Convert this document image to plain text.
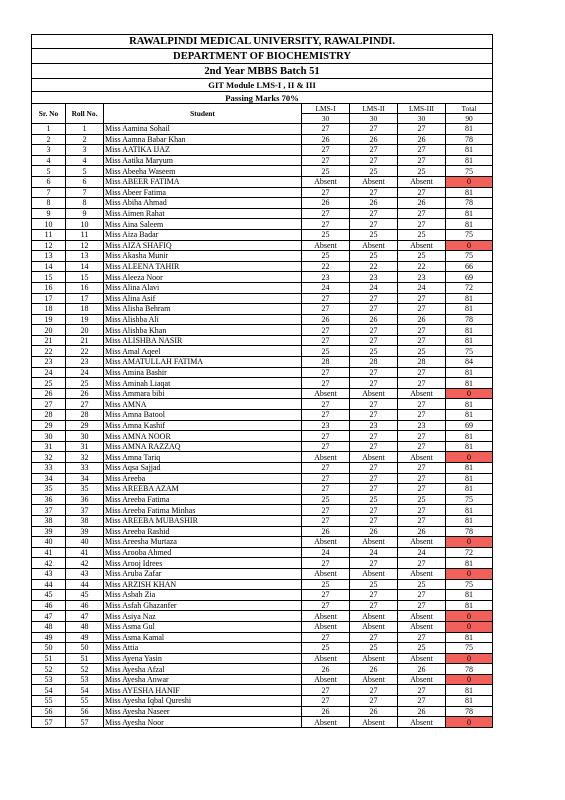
RAWALPINDI MEDICAL UNIVERSITY, RAWALPINDI.						
DEPARTMENT OF BIOCHEMISTRY						
2nd Year MBBS Batch 51						
GIT Module LMS-I , II & III						
Passing Marks 70%						
Sr. No	Roll No.	Student	LMS-I	LMS-II	LMS-III	Total
			30	30	30	90
1	1	Miss Aamina Sohail	27	27	27	81
2	2	Miss Aamna Babar Khan	26	26	26	78
3	3	Miss AATIKA IJAZ	27	27	27	81
4	4	Miss Aatika Maryum	27	27	27	81
5	5	Miss Abeeha Waseem	25	25	25	75
6	6	Miss ABEER FATIMA	Absent	Absent	Absent	0
7	7	Miss Abeer Fatima	27	27	27	81
8	8	Miss Abiha Ahmad	26	26	26	78
9	9	Miss Aimen Rahat	27	27	27	81
10	10	Miss Aina Saleem	27	27	27	81
11	11	Miss Aiza Badar	25	25	25	75
12	12	Miss AIZA SHAFIQ	Absent	Absent	Absent	0
13	13	Miss Akasha Munir	25	25	25	75
14	14	Miss ALEENA TAHIR	22	22	22	66
15	15	Miss Aleeza Noor	23	23	23	69
16	16	Miss Alina Alavi	24	24	24	72
17	17	Miss Alina Asif	27	27	27	81
18	18	Miss Alisha Behram	27	27	27	81
19	19	Miss Alishba Ali	26	26	26	78
20	20	Miss Alishba Khan	27	27	27	81
21	21	Miss ALISHBA NASIR	27	27	27	81
22	22	Miss Amal Aqeel	25	25	25	75
23	23	Miss AMATULLAH FATIMA	28	28	28	84
24	24	Miss Amina Bashir	27	27	27	81
25	25	Miss Aminah Liaqat	27	27	27	81
26	26	Miss Ammara bibi	Absent	Absent	Absent	0
27	27	Miss AMNA	27	27	27	81
28	28	Miss Amna Batool	27	27	27	81
29	29	Miss Amna Kashif	23	23	23	69
30	30	Miss AMNA NOOR	27	27	27	81
31	31	Miss AMNA RAZZAQ	27	27	27	81
32	32	Miss Amna Tariq	Absent	Absent	Absent	0
33	33	Miss Aqsa Sajjad	27	27	27	81
34	34	Miss Areeba	27	27	27	81
35	35	Miss AREEBA AZAM	27	27	27	81
36	36	Miss Areeba Fatima	25	25	25	75
37	37	Miss Areeba Fatima Minhas	27	27	27	81
38	38	Miss AREEBA MUBASHIR	27	27	27	81
39	39	Miss Areeba Rashid	26	26	26	78
40	40	Miss Areesha Murtaza	Absent	Absent	Absent	0
41	41	Miss Arooba Ahmed	24	24	24	72
42	42	Miss Arooj Idrees	27	27	27	81
43	43	Miss Aruba Zafar	Absent	Absent	Absent	0
44	44	Miss ARZISH KHAN	25	25	25	75
45	45	Miss Asbah Zia	27	27	27	81
46	46	Miss Asfah Ghazanfer	27	27	27	81
47	47	Miss Asiya Naz	Absent	Absent	Absent	0
48	48	Miss Asma Gul	Absent	Absent	Absent	0
49	49	Miss Asma Kamal	27	27	27	81
50	50	Miss Attia	25	25	25	75
51	51	Miss Ayena Yasin	Absent	Absent	Absent	0
52	52	Miss Ayesha Afzal	26	26	26	78
53	53	Miss Ayesha Anwar	Absent	Absent	Absent	0
54	54	Miss AYESHA HANIF	27	27	27	81
55	55	Miss Ayesha Iqbal Qureshi	27	27	27	81
56	56	Miss Ayesha Naseer	26	26	26	78
57	57	Miss Ayesha Noor	Absent	Absent	Absent	0
